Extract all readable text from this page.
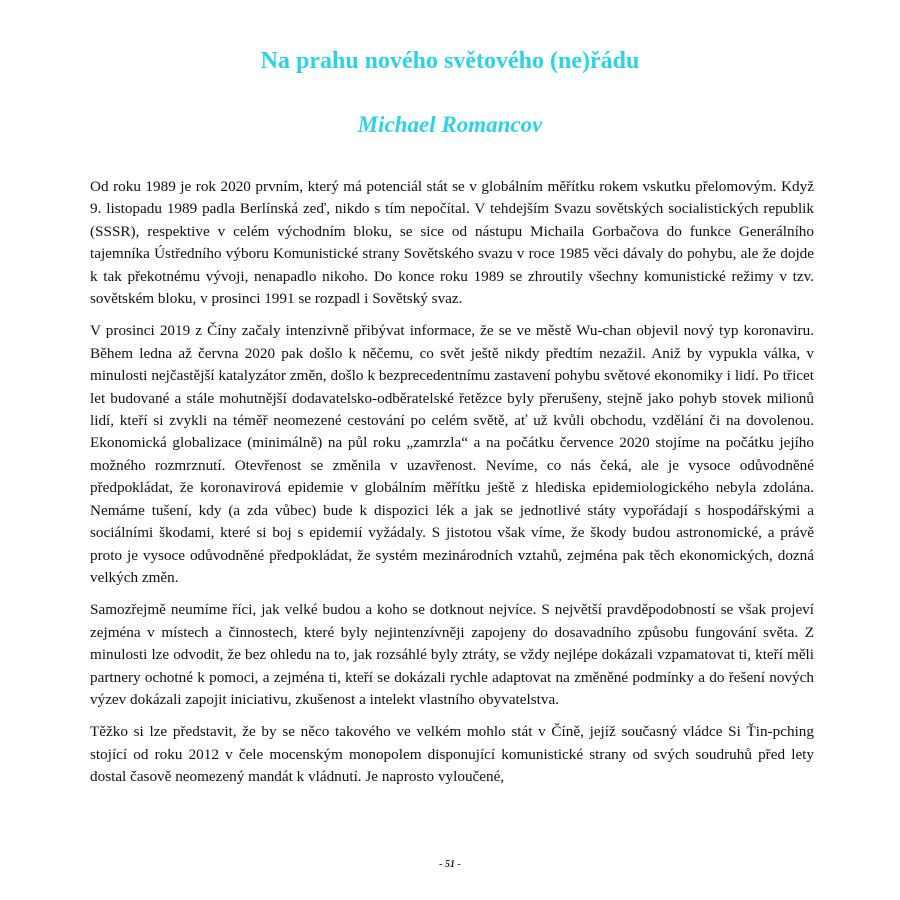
Na prahu nového světového (ne)řádu
Michael Romancov

Od roku 1989 je rok 2020 prvním, který má potenciál stát se v globálním měřítku rokem vskutku přelomovým. Když 9. listopadu 1989 padla Berlínská zeď, nikdo s tím nepočítal. V tehdejším Svazu sovětských socialistických republik (SSSR), respektive v celém východním bloku, se sice od nástupu Michaila Gorbačova do funkce Generálního tajemníka Ústředního výboru Komunistické strany Sovětského svazu v roce 1985 věci dávaly do pohybu, ale že dojde k tak překotnému vývoji, nenapadlo nikoho. Do konce roku 1989 se zhroutily všechny komunistické režimy v tzv. sovětském bloku, v prosinci 1991 se rozpadl i Sovětský svaz.

V prosinci 2019 z Číny začaly intenzivně přibývat informace, že se ve městě Wu-chan objevil nový typ koronaviru. Během ledna až června 2020 pak došlo k něčemu, co svět ještě nikdy předtím nezažil. Aniž by vypukla válka, v minulosti nejčastější katalyzátor změn, došlo k bezprecedentnímu zastavení pohybu světové ekonomiky i lidí. Po třicet let budované a stále mohutnější dodavatelsko-odběratelské řetězce byly přerušeny, stejně jako pohyb stovek milionů lidí, kteří si zvykli na téměř neomezené cestování po celém světě, ať už kvůli obchodu, vzdělání či na dovolenou. Ekonomická globalizace (minimálně) na půl roku „zamrzla“ a na počátku července 2020 stojíme na počátku jejího možného rozmrznutí. Otevřenost se změnila v uzavřenost. Nevíme, co nás čeká, ale je vysoce odůvodněné předpokládat, že koronavirová epidemie v globálním měřítku ještě z hlediska epidemiologického nebyla zdolána. Nemáme tušení, kdy (a zda vůbec) bude k dispozici lék a jak se jednotlivé státy vypořádají s hospodářskými a sociálními škodami, které si boj s epidemií vyžádaly. S jistotou však víme, že škody budou astronomické, a právě proto je vysoce odůvodněné předpokládat, že systém mezinárodních vztahů, zejména pak těch ekonomických, dozná velkých změn.

Samozřejmě neumíme říci, jak velké budou a koho se dotknout nejvíce. S největší pravděpodobností se však projeví zejména v místech a činnostech, které byly nejintenzívněji zapojeny do dosavadního způsobu fungování světa. Z minulosti lze odvodit, že bez ohledu na to, jak rozsáhlé byly ztráty, se vždy nejlépe dokázali vzpamatovat ti, kteří měli partnery ochotné k pomoci, a zejména ti, kteří se dokázali rychle adaptovat na změněné podmínky a do řešení nových výzev dokázali zapojit iniciativu, zkušenost a intelekt vlastního obyvatelstva.

Těžko si lze představit, že by se něco takového ve velkém mohlo stát v Číně, jejíž současný vládce Si Ťin-pching stojící od roku 2012 v čele mocenským monopolem disponující komunistické strany od svých soudruhů před lety dostal časově neomezený mandát k vládnutí. Je naprosto vyloučené,

- 51 -
